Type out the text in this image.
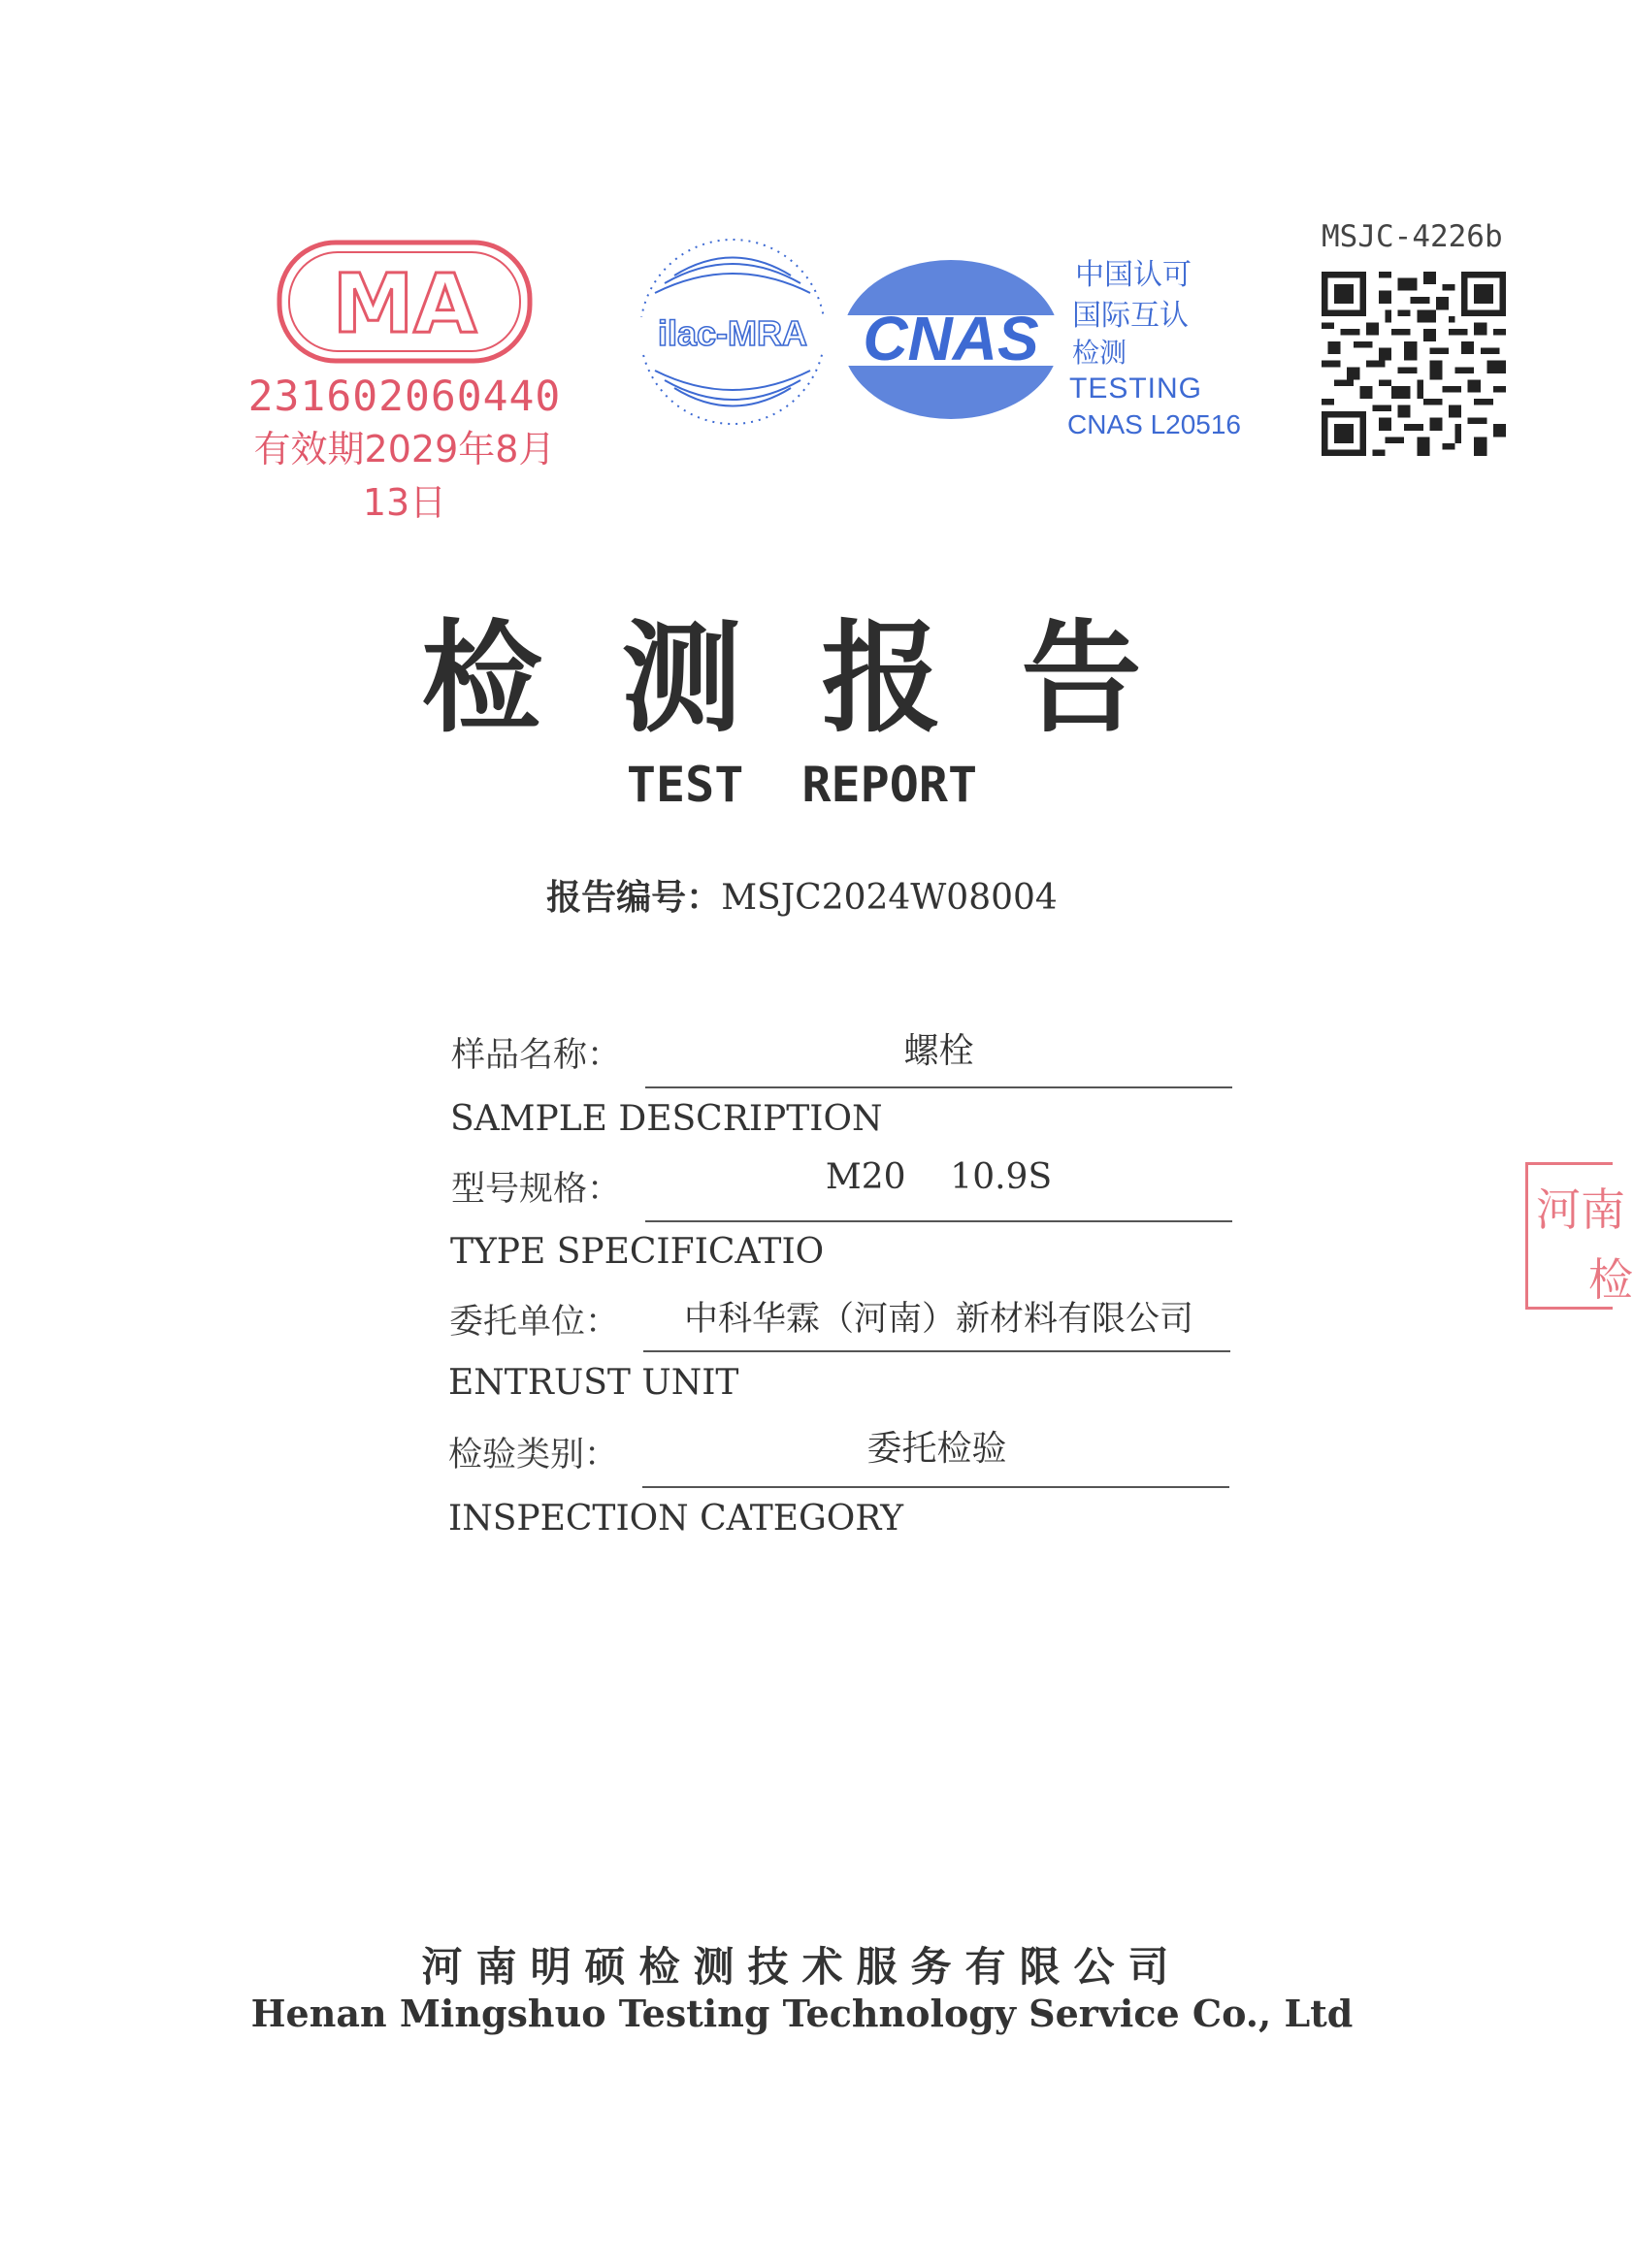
MA
231602060440
有效期2029年8月13日
ilac-MRA CNAS
中国认可
国际互认
检测
TESTING
CNAS L20516
MSJC-4226b
检测报告
TEST REPORT
报告编号：MSJC2024W08004
样品名称：	螺栓
SAMPLE DESCRIPTION
型号规格：	M20    10.9S
TYPE SPECIFICATIO
委托单位：	中科华霖（河南）新材料有限公司
ENTRUST UNIT
检验类别：	委托检验
INSPECTION CATEGORY
河南明硕检测技术服务有限公司
Henan Mingshuo Testing Technology Service Co., Ltd
河南
检
